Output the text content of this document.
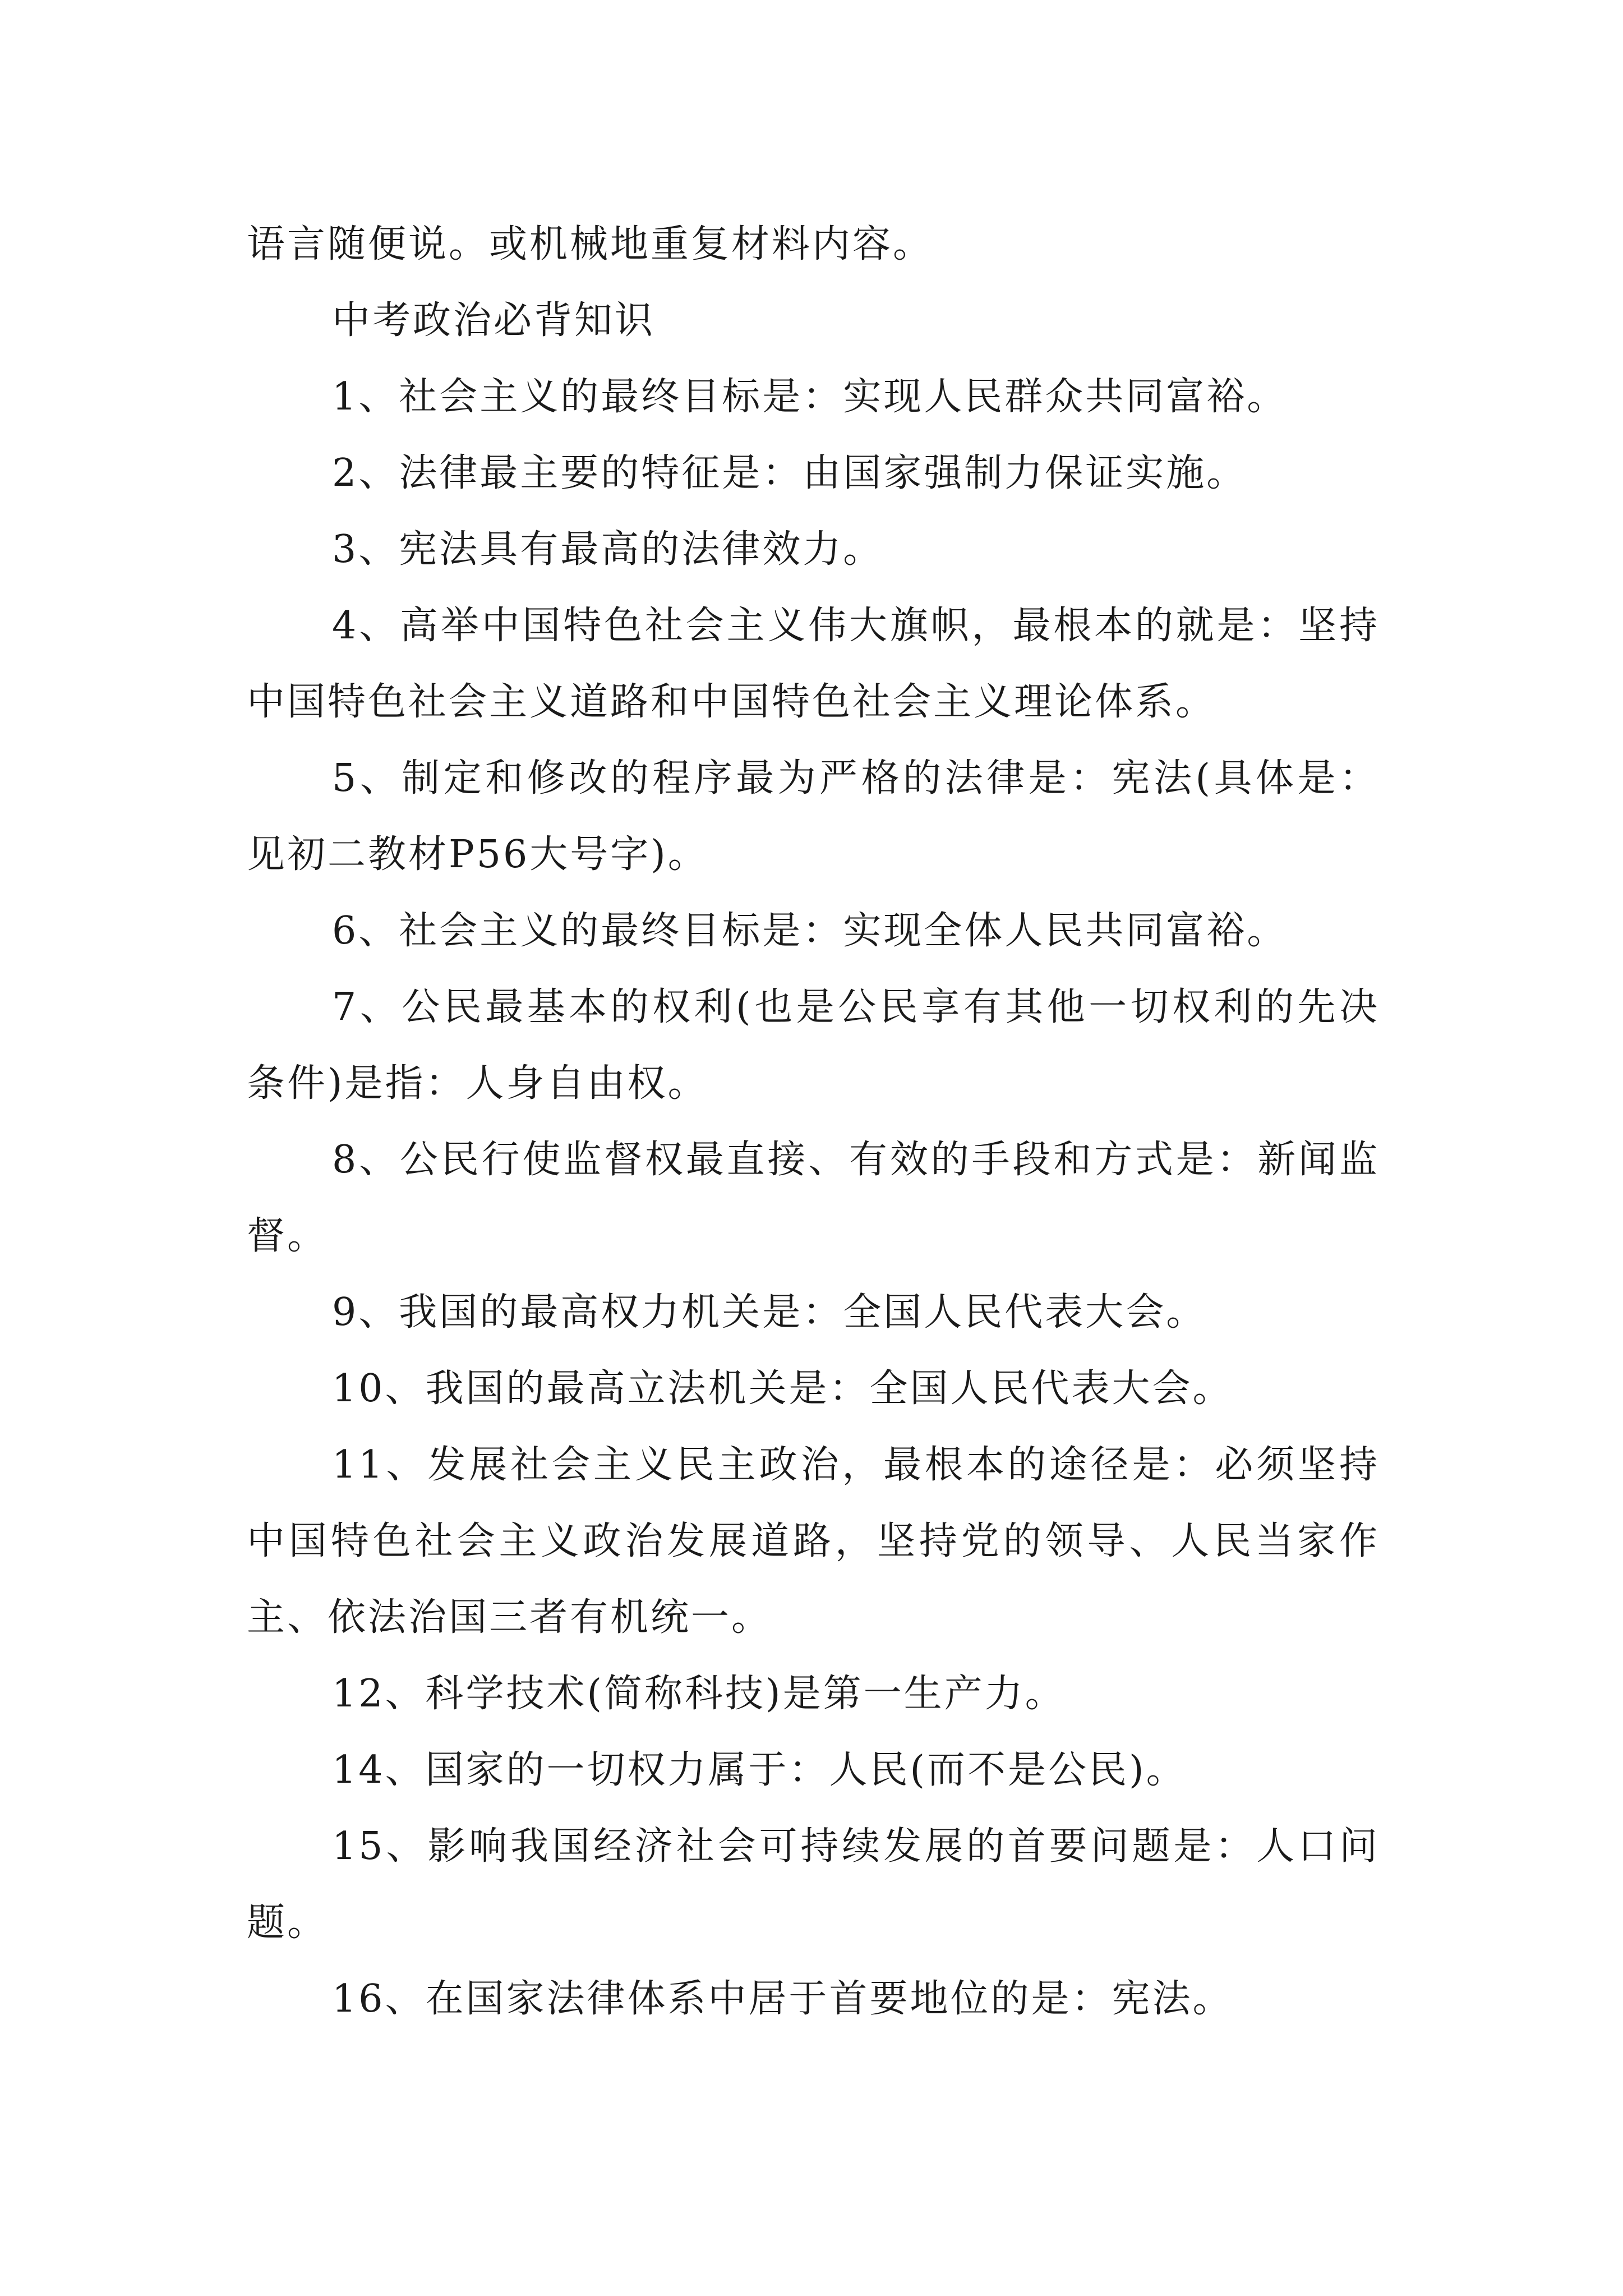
语言随便说。或机械地重复材料内容。

中考政治必背知识

1、社会主义的最终目标是：实现人民群众共同富裕。

2、法律最主要的特征是：由国家强制力保证实施。

3、宪法具有最高的法律效力。

4、高举中国特色社会主义伟大旗帜，最根本的就是：坚持中国特色社会主义道路和中国特色社会主义理论体系。

5、制定和修改的程序最为严格的法律是：宪法(具体是：见初二教材P56大号字)。

6、社会主义的最终目标是：实现全体人民共同富裕。

7、公民最基本的权利(也是公民享有其他一切权利的先决条件)是指：人身自由权。

8、公民行使监督权最直接、有效的手段和方式是：新闻监督。

9、我国的最高权力机关是：全国人民代表大会。

10、我国的最高立法机关是：全国人民代表大会。

11、发展社会主义民主政治，最根本的途径是：必须坚持中国特色社会主义政治发展道路，坚持党的领导、人民当家作主、依法治国三者有机统一。

12、科学技术(简称科技)是第一生产力。

14、国家的一切权力属于：人民(而不是公民)。

15、影响我国经济社会可持续发展的首要问题是：人口问题。

16、在国家法律体系中居于首要地位的是：宪法。
